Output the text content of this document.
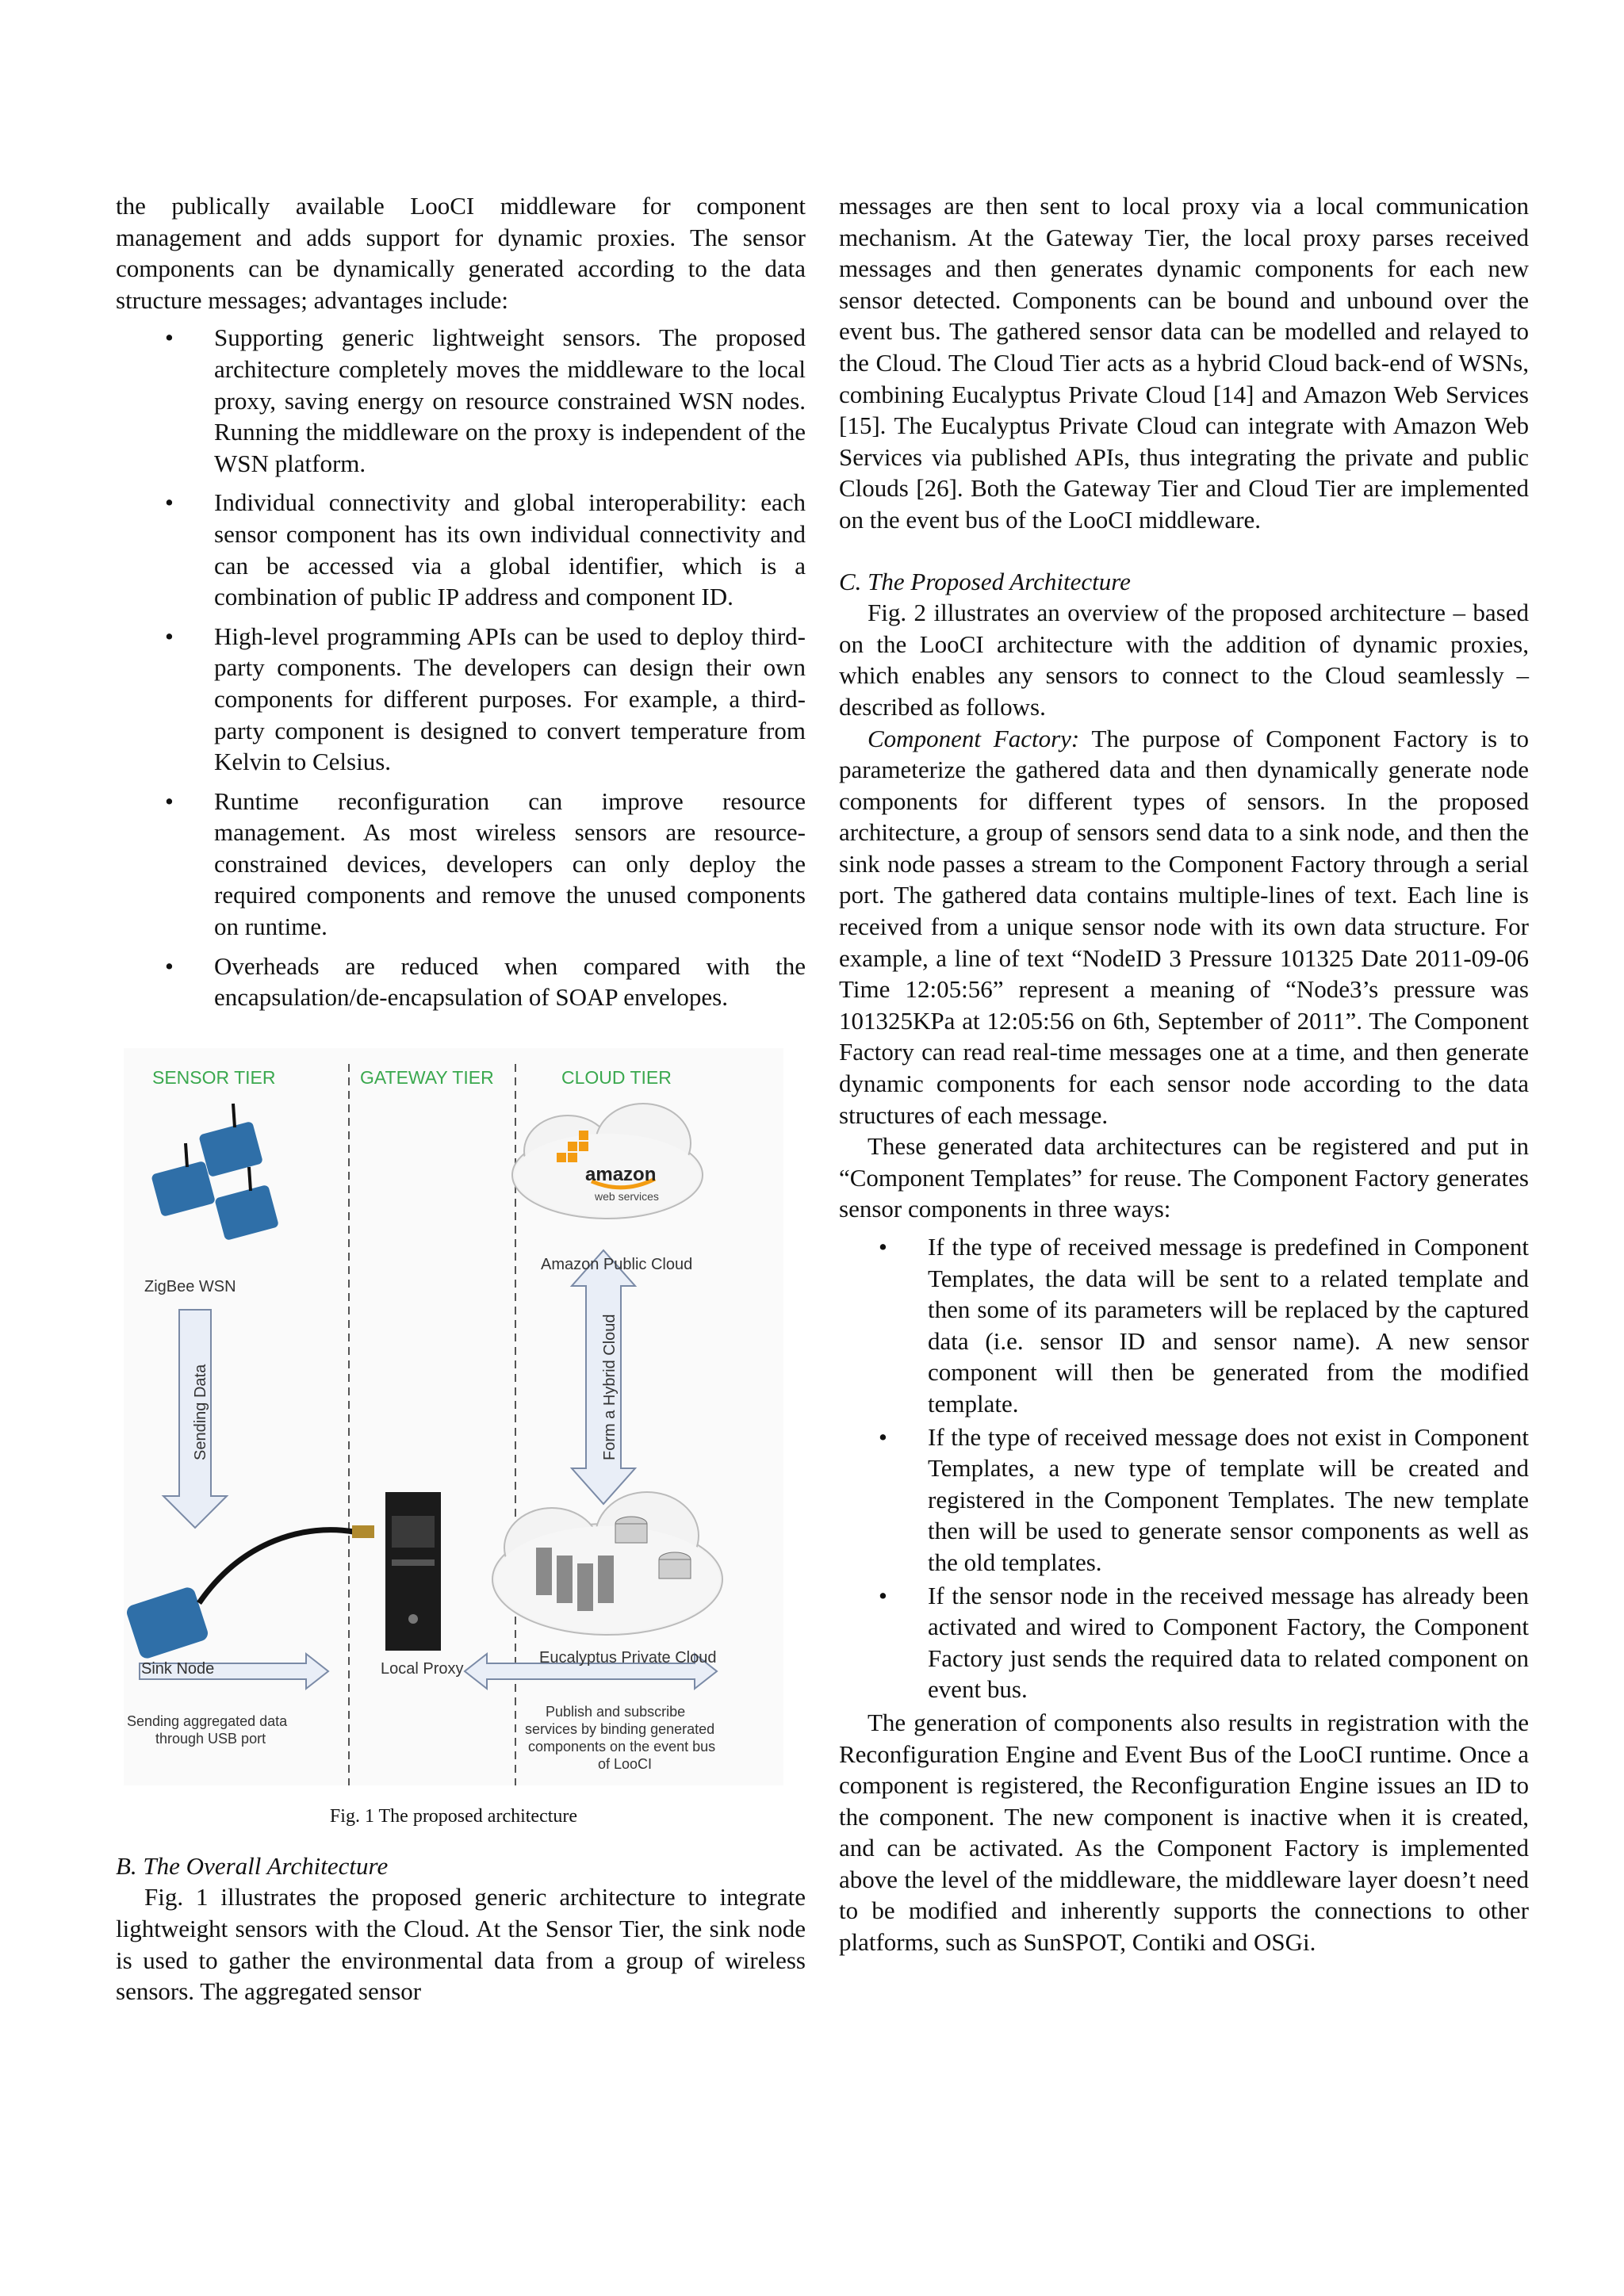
the publically available LooCI middleware for component management and adds support for dynamic proxies. The sensor components can be dynamically generated according to the data structure messages; advantages include:

• Supporting generic lightweight sensors. The proposed architecture completely moves the middleware to the local proxy, saving energy on resource constrained WSN nodes. Running the middleware on the proxy is independent of the WSN platform.
• Individual connectivity and global interoperability: each sensor component has its own individual connectivity and can be accessed via a global identifier, which is a combination of public IP address and component ID.
• High-level programming APIs can be used to deploy third-party components. The developers can design their own components for different purposes. For example, a third-party component is designed to convert temperature from Kelvin to Celsius.
• Runtime reconfiguration can improve resource management. As most wireless sensors are resource-constrained devices, developers can only deploy the required components and remove the unused components on runtime.
• Overheads are reduced when compared with the encapsulation/de-encapsulation of SOAP envelopes.
SENSOR TIER	GATEWAY TIER	CLOUD TIER
ZigBee WSN
Sending Data
amazon
web services
Amazon Public Cloud
Form a Hybrid Cloud
Sink Node	Local Proxy
Eucalyptus Private Cloud
Sending aggregated data
through USB port
Publish and subscribe
services by binding generated
components on the event bus
of LooCI
Fig. 1 The proposed architecture

B. The Overall Architecture

Fig. 1 illustrates the proposed generic architecture to integrate lightweight sensors with the Cloud. At the Sensor Tier, the sink node is used to gather the environmental data from a group of wireless sensors. The aggregated sensor

messages are then sent to local proxy via a local communication mechanism. At the Gateway Tier, the local proxy parses received messages and then generates dynamic components for each new sensor detected. Components can be bound and unbound over the event bus. The gathered sensor data can be modelled and relayed to the Cloud. The Cloud Tier acts as a hybrid Cloud back-end of WSNs, combining Eucalyptus Private Cloud [14] and Amazon Web Services [15]. The Eucalyptus Private Cloud can integrate with Amazon Web Services via published APIs, thus integrating the private and public Clouds [26]. Both the Gateway Tier and Cloud Tier are implemented on the event bus of the LooCI middleware.

C. The Proposed Architecture

Fig. 2 illustrates an overview of the proposed architecture – based on the LooCI architecture with the addition of dynamic proxies, which enables any sensors to connect to the Cloud seamlessly – described as follows.

Component Factory: The purpose of Component Factory is to parameterize the gathered data and then dynamically generate node components for different types of sensors. In the proposed architecture, a group of sensors send data to a sink node, and then the sink node passes a stream to the Component Factory through a serial port. The gathered data contains multiple-lines of text. Each line is received from a unique sensor node with its own data structure. For example, a line of text “NodeID 3 Pressure 101325 Date 2011-09-06 Time 12:05:56” represent a meaning of “Node3’s pressure was 101325KPa at 12:05:56 on 6th, September of 2011”. The Component Factory can read real-time messages one at a time, and then generate dynamic components for each sensor node according to the data structures of each message.

These generated data architectures can be registered and put in “Component Templates” for reuse. The Component Factory generates sensor components in three ways:

• If the type of received message is predefined in Component Templates, the data will be sent to a related template and then some of its parameters will be replaced by the captured data (i.e. sensor ID and sensor name). A new sensor component will then be generated from the modified template.
• If the type of received message does not exist in Component Templates, a new type of template will be created and registered in the Component Templates. The new template then will be used to generate sensor components as well as the old templates.
• If the sensor node in the received message has already been activated and wired to Component Factory, the Component Factory just sends the required data to related component on event bus.

The generation of components also results in registration with the Reconfiguration Engine and Event Bus of the LooCI runtime. Once a component is registered, the Reconfiguration Engine issues an ID to the component. The new component is inactive when it is created, and can be activated. As the Component Factory is implemented above the level of the middleware, the middleware layer doesn’t need to be modified and inherently supports the connections to other platforms, such as SunSPOT, Contiki and OSGi.
